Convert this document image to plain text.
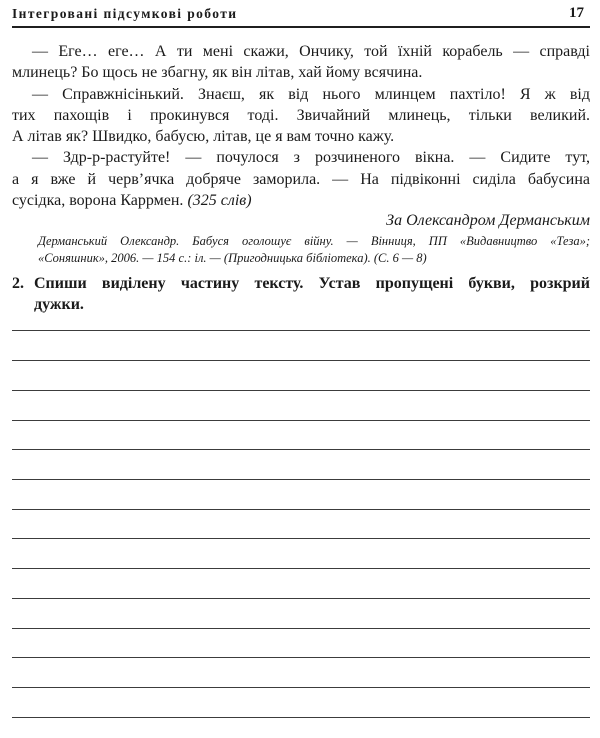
Інтегровані підсумкові роботи	17
— Еге… еге… А ти мені скажи, Ончику, той їхній корабель — справді
млинець? Бо щось не збагну, як він літав, хай йому всячина.
— Справжнісінький. Знаєш, як від нього млинцем пахтіло! Я ж від
тих пахощів і прокинувся тоді. Звичайний млинець, тільки великий.
А літав як? Швидко, бабусю, літав, це я вам точно кажу.
— Здр-р-растуйте! — почулося з розчиненого вікна. — Сидите тут,
а я вже й черв’ячка добряче заморила. — На підвіконні сиділа бабусина
сусідка, ворона Каррмен. (325 слів)
За Олександром Дерманським
Дерманський Олександр. Бабуся оголошує війну. — Вінниця, ПП «Видавництво «Теза»;
«Соняшник», 2006. — 154 с.: іл. — (Пригодницька бібліотека). (С. 6 — 8)
2. Спиши виділену частину тексту. Устав пропущені букви, розкрий
дужки.
